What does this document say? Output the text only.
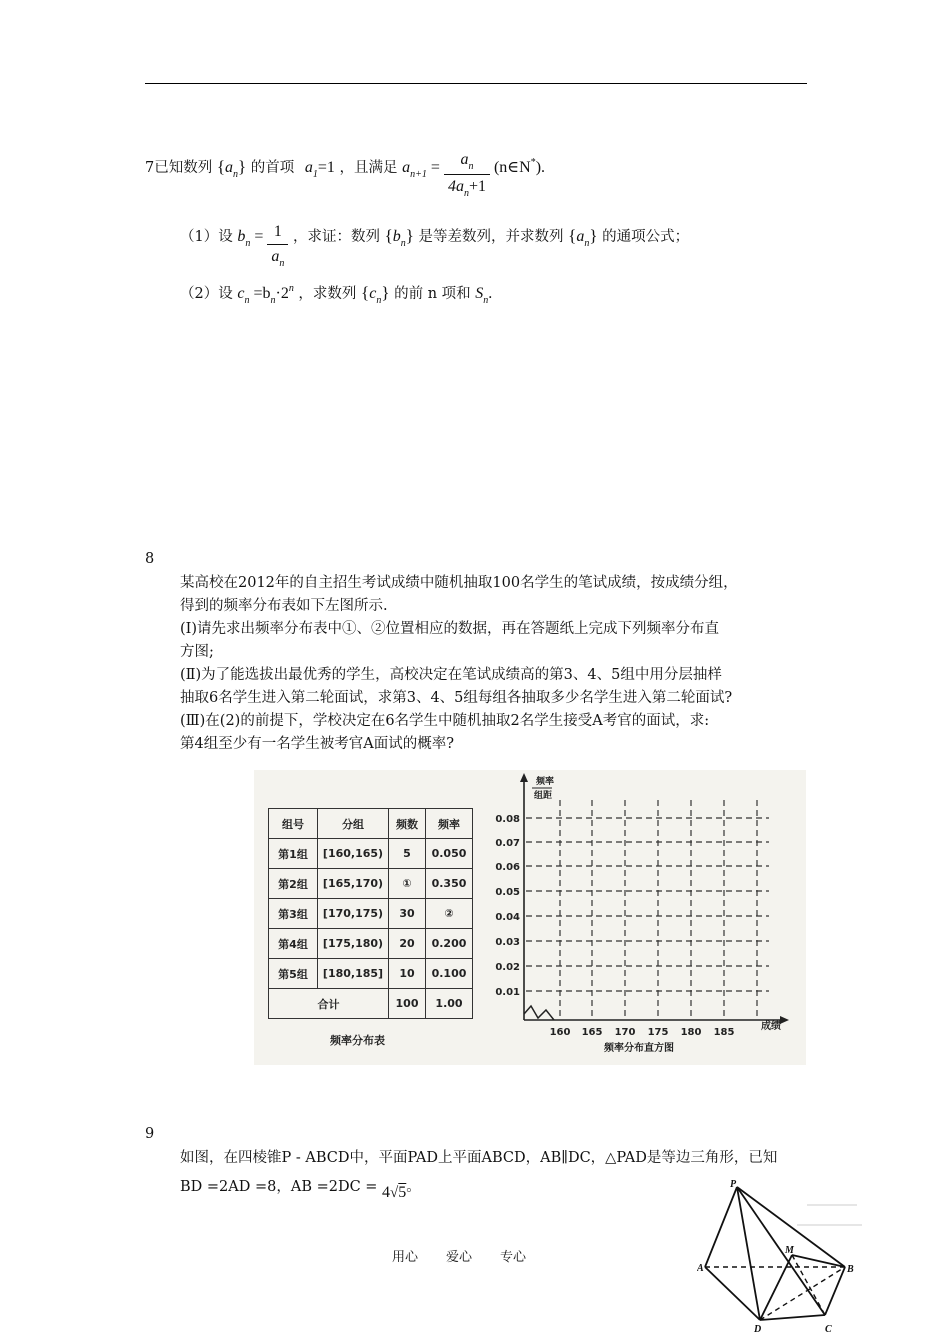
7已知数列 $\{a_n\}$ 的首项 $a_1=1$ ，且满足 $a_{n+1} = \frac{a_n}{4a_n+1}$ (n∈N*).
（1）设 $b_n = \frac{1}{a_n}$ ，求证：数列 $\{b_n\}$ 是等差数列，并求数列 $\{a_n\}$ 的通项公式；
（2）设 $c_n =b_n\cdot 2^n$ ，求数列 $\{c_n\}$ 的前 n 项和 $S_n$.
8
某高校在2012年的自主招生考试成绩中随机抽取100名学生的笔试成绩，按成绩分组，
得到的频率分布表如下左图所示.
(I)请先求出频率分布表中①、②位置相应的数据，再在答题纸上完成下列频率分布直
方图;
(Ⅱ)为了能选拔出最优秀的学生，高校决定在笔试成绩高的第3、4、5组中用分层抽样
抽取6名学生进入第二轮面试，求第3、4、5组每组各抽取多少名学生进入第二轮面试?
(Ⅲ)在(2)的前提下，学校决定在6名学生中随机抽取2名学生接受A考官的面试，求:
第4组至少有一名学生被考官A面试的概率?
组号	分组	频数	频率
第1组	[160,165)	5	0.050
第2组	[165,170)	①	0.350
第3组	[170,175)	30	②
第4组	[175,180)	20	0.200
第5组	[180,185]	10	0.100
合计		100	1.00
频率分布表
频率
组距
0.08
0.07
0.06
0.05
0.04
0.03
0.02
0.01
160 165 170 175 180 185
成绩
频率分布直方图
9
如图，在四棱锥P - ABCD中，平面PAD上平面ABCD，AB∥DC，△PAD是等边三角形，已知
BD =2AD =8，AB =2DC = 4√5。	P
A	B
C
D
M
用心 爱心 专心
